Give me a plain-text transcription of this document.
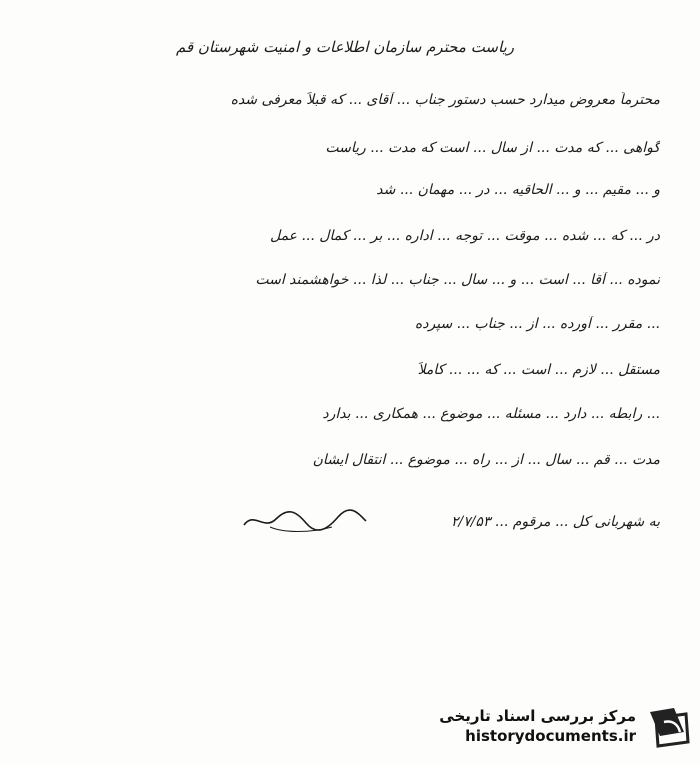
ریاست محترم سازمان اطلاعات و امنیت شهرستان قم
محترماً معروض میدارد حسب دستور جناب ... آقای ... که قبلاً معرفی شده
گواهی ... که مدت ... از سال ... است که مدت ... ریاست
و ... مقیم ... و ... الحاقیه ... در ... مهمان ... شد
در ... که ... شده ... موقت ... توجه ... اداره ... بر ... کمال ... عمل
نموده ... آقا ... است ... و ... سال ... جناب ... لذا ... خواهشمند است
... مقرر ... آورده ... از ... جناب ... سپرده
مستقل ... لازم ... است ... که ... ... کاملاً
... رابطه ... دارد ... مسئله ... موضوع ... همکاری ... بدارد
مدت ... قم ... سال ... از ... راه ... موضوع ... انتقال ایشان
به شهربانی کل ... مرقوم ... ۲/۷/۵۳
مرکز بررسی اسناد تاریخی
historydocuments.ir
